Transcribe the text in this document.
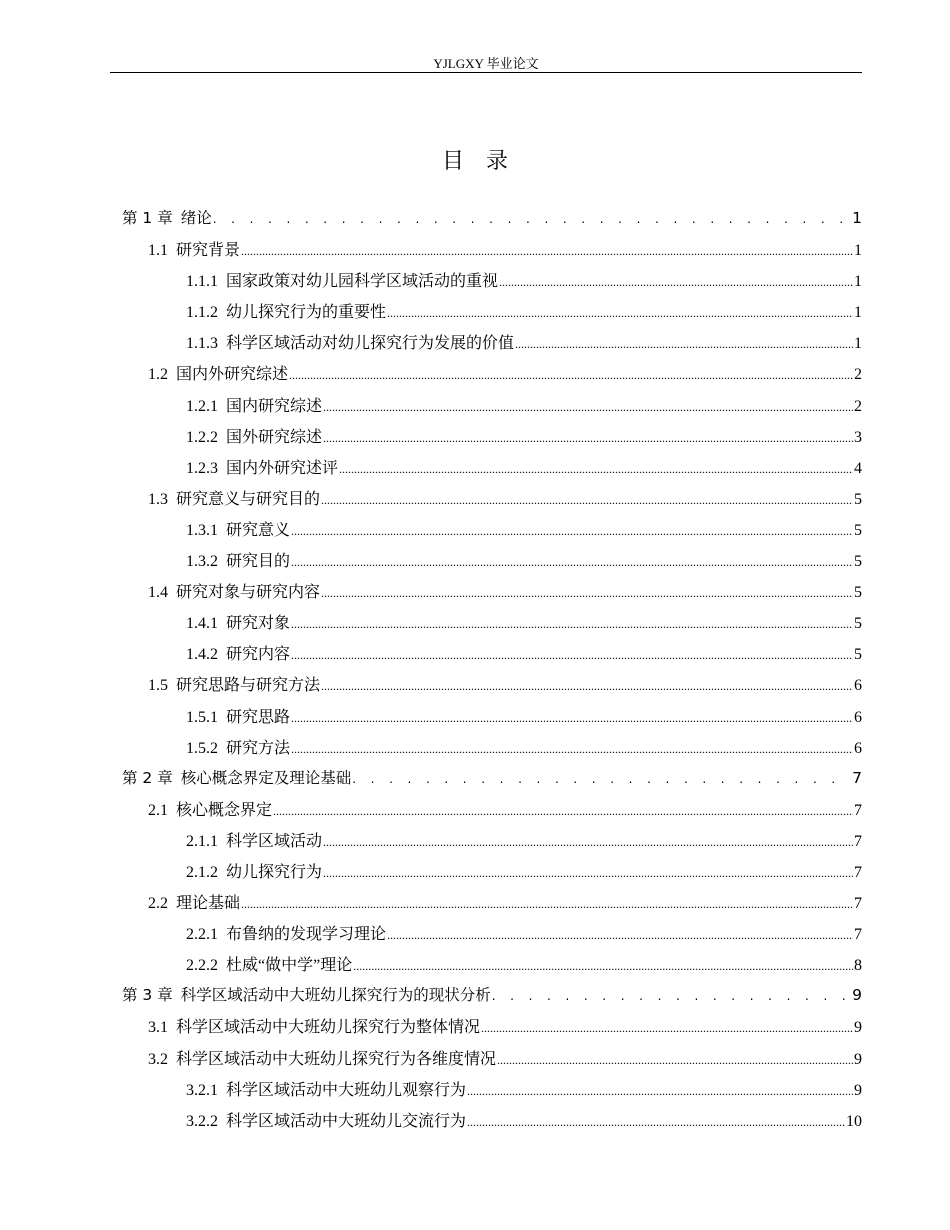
YJLGXY 毕业论文
目录
第 1 章 绪论 . . .	1
1.1 研究背景 .....	1
1.1.1 国家政策对幼儿园科学区域活动的重视 .....	1
1.1.2 幼儿探究行为的重要性 .....	1
1.1.3 科学区域活动对幼儿探究行为发展的价值 .....	1
1.2 国内外研究综述 .....	2
1.2.1 国内研究综述 .....	2
1.2.2 国外研究综述 .....	3
1.2.3 国内外研究述评 .....	4
1.3 研究意义与研究目的 .....	5
1.3.1 研究意义 .....	5
1.3.2 研究目的 .....	5
1.4 研究对象与研究内容 .....	5
1.4.1 研究对象 .....	5
1.4.2 研究内容 .....	5
1.5 研究思路与研究方法 .....	6
1.5.1 研究思路 .....	6
1.5.2 研究方法 .....	6
第 2 章 核心概念界定及理论基础 . . .	7
2.1 核心概念界定 .....	7
2.1.1 科学区域活动 .....	7
2.1.2 幼儿探究行为 .....	7
2.2 理论基础 .....	7
2.2.1 布鲁纳的发现学习理论 .....	7
2.2.2 杜威“做中学”理论 .....	8
第 3 章 科学区域活动中大班幼儿探究行为的现状分析 . . .	9
3.1 科学区域活动中大班幼儿探究行为整体情况 .....	9
3.2 科学区域活动中大班幼儿探究行为各维度情况 .....	9
3.2.1 科学区域活动中大班幼儿观察行为 .....	9
3.2.2 科学区域活动中大班幼儿交流行为 .....	10
